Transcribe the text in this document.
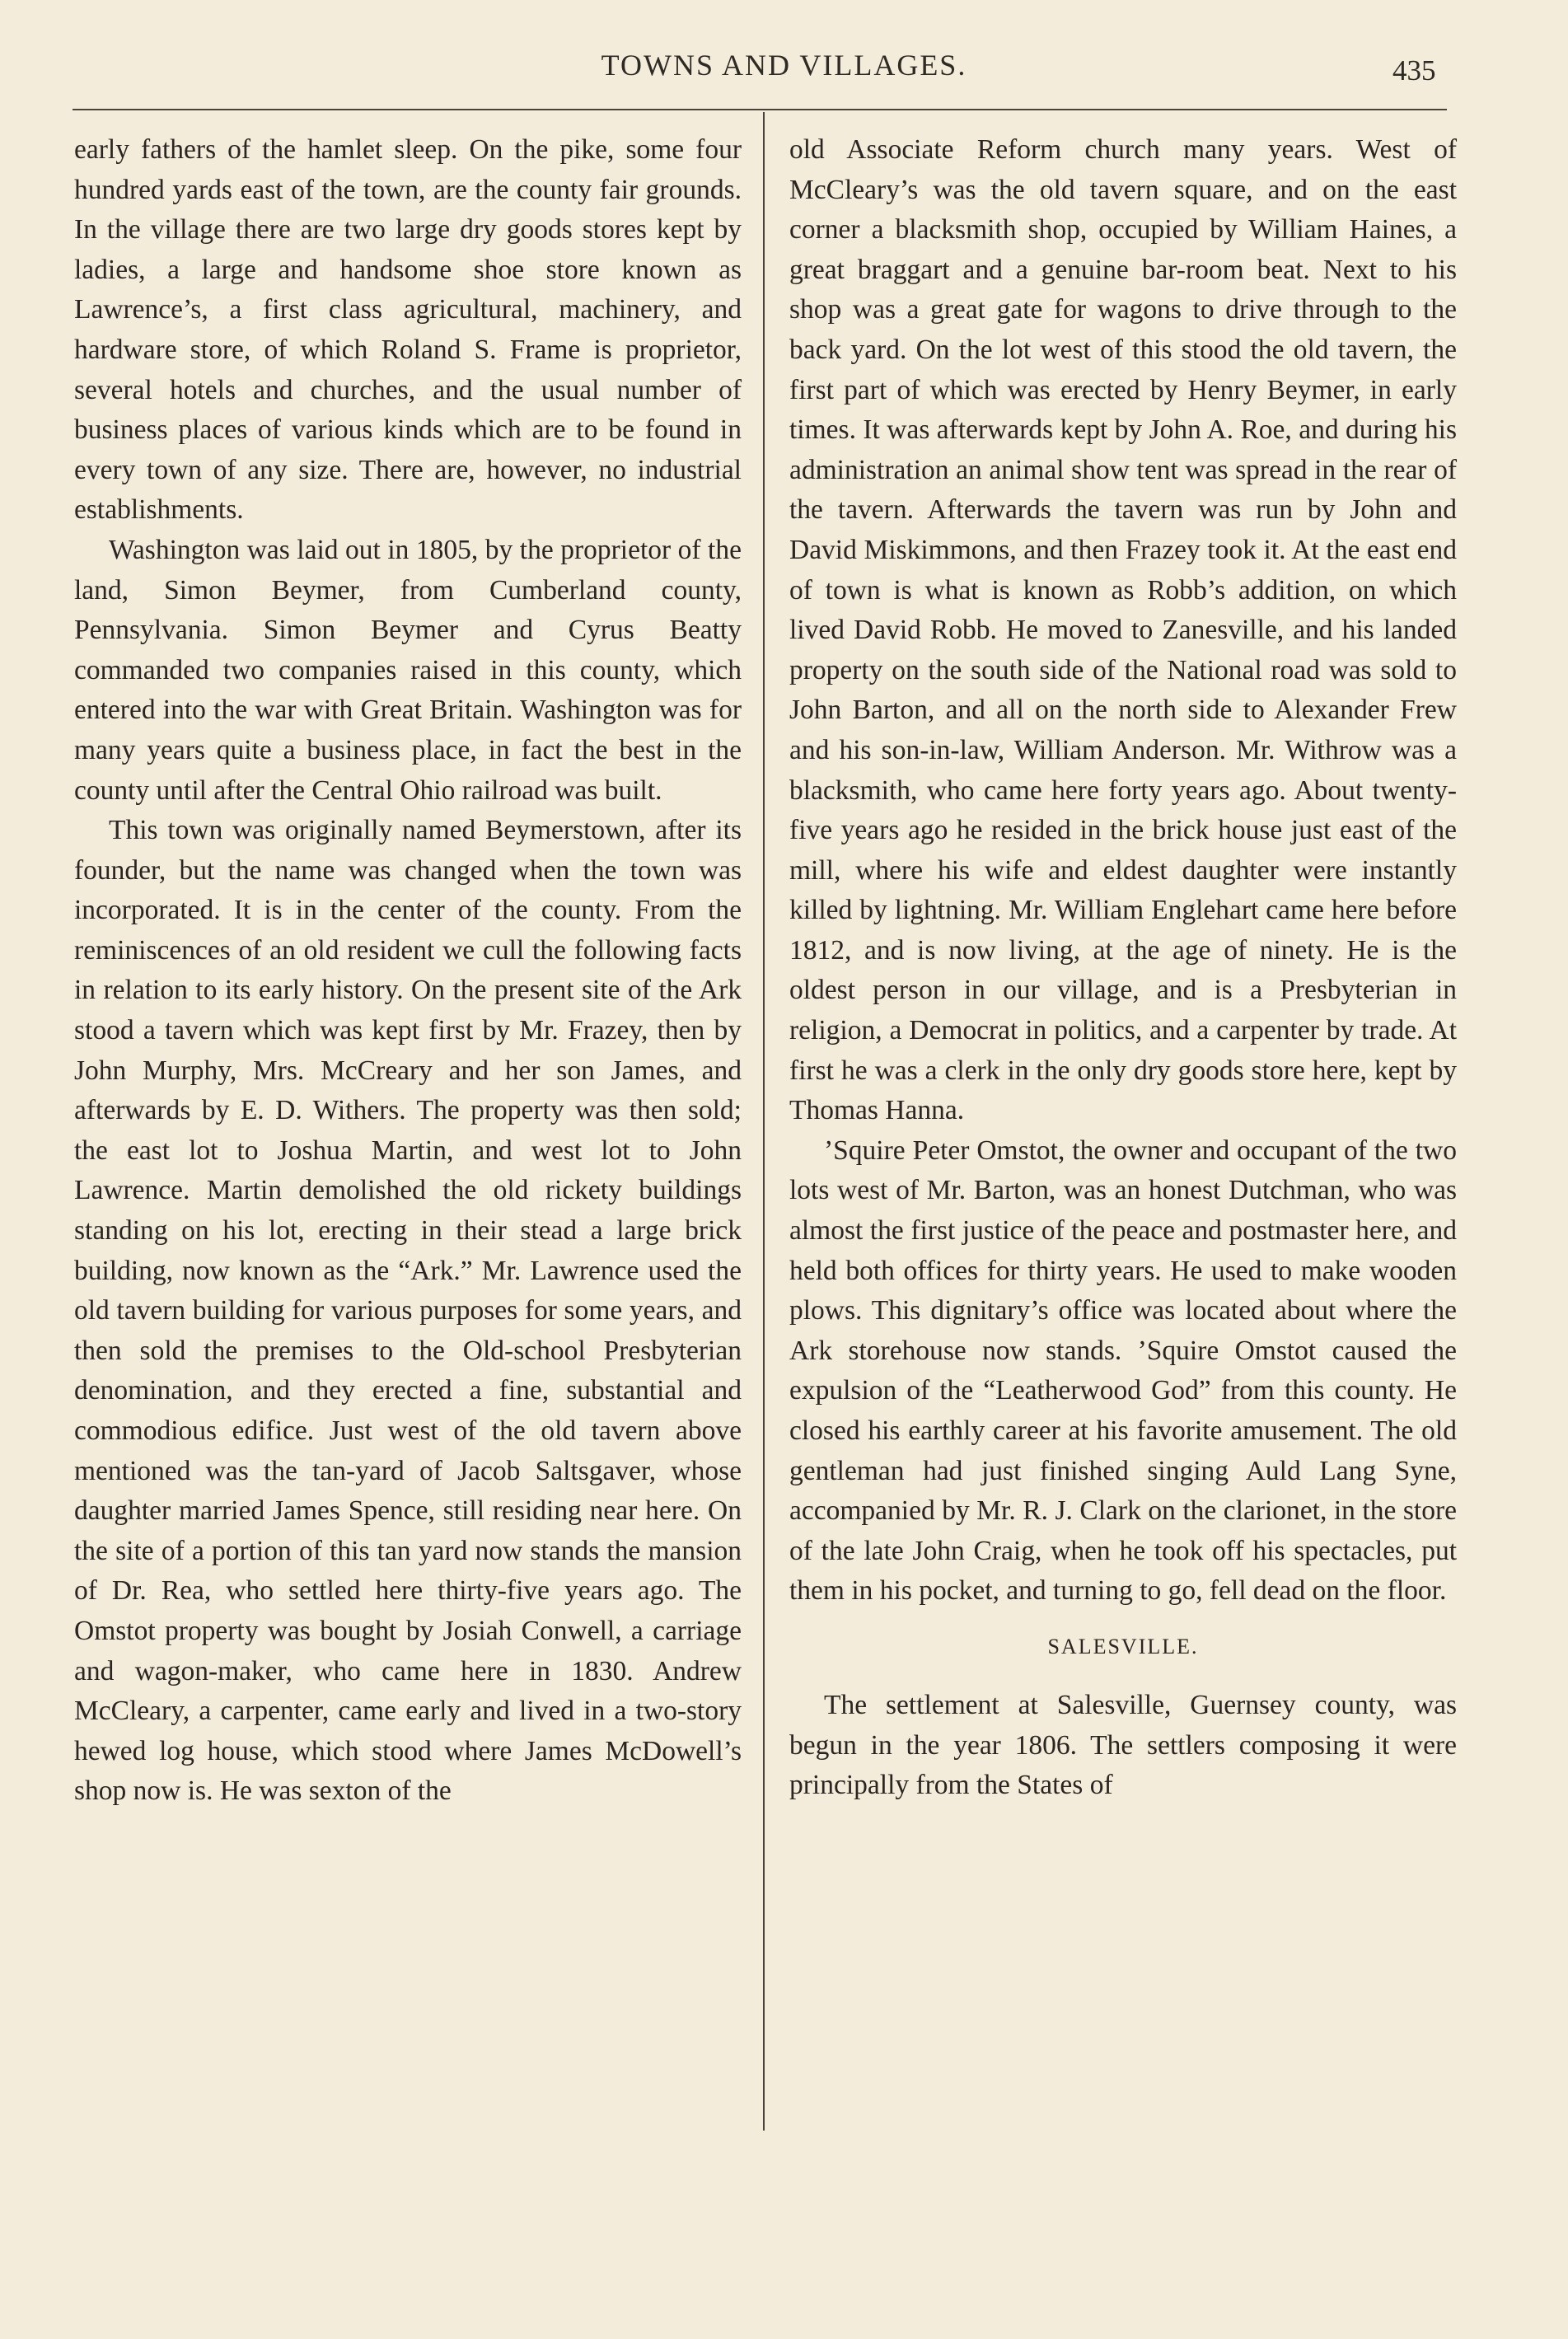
TOWNS AND VILLAGES.	435

early fathers of the hamlet sleep. On the pike, some four hundred yards east of the town, are the county fair grounds. In the village there are two large dry goods stores kept by ladies, a large and handsome shoe store known as Lawrence’s, a first class agricultural, machinery, and hardware store, of which Roland S. Frame is proprietor, several hotels and churches, and the usual number of business places of various kinds which are to be found in every town of any size. There are, however, no industrial establishments.

Washington was laid out in 1805, by the proprietor of the land, Simon Beymer, from Cumberland county, Pennsylvania. Simon Beymer and Cyrus Beatty commanded two companies raised in this county, which entered into the war with Great Britain. Washington was for many years quite a business place, in fact the best in the county until after the Central Ohio railroad was built.

This town was originally named Beymerstown, after its founder, but the name was changed when the town was incorporated. It is in the center of the county. From the reminiscences of an old resident we cull the following facts in relation to its early history. On the present site of the Ark stood a tavern which was kept first by Mr. Frazey, then by John Murphy, Mrs. McCreary and her son James, and afterwards by E. D. Withers. The property was then sold; the east lot to Joshua Martin, and west lot to John Lawrence. Martin demolished the old rickety buildings standing on his lot, erecting in their stead a large brick building, now known as the “Ark.” Mr. Lawrence used the old tavern building for various purposes for some years, and then sold the premises to the Old-school Presbyterian denomination, and they erected a fine, substantial and commodious edifice. Just west of the old tavern above mentioned was the tan-yard of Jacob Saltsgaver, whose daughter married James Spence, still residing near here. On the site of a portion of this tan yard now stands the mansion of Dr. Rea, who settled here thirty-five years ago. The Omstot property was bought by Josiah Conwell, a carriage and wagon-maker, who came here in 1830. Andrew McCleary, a carpenter, came early and lived in a two-story hewed log house, which stood where James McDowell’s shop now is. He was sexton of the

old Associate Reform church many years. West of McCleary’s was the old tavern square, and on the east corner a blacksmith shop, occupied by William Haines, a great braggart and a genuine bar-room beat. Next to his shop was a great gate for wagons to drive through to the back yard. On the lot west of this stood the old tavern, the first part of which was erected by Henry Beymer, in early times. It was afterwards kept by John A. Roe, and during his administration an animal show tent was spread in the rear of the tavern. Afterwards the tavern was run by John and David Miskimmons, and then Frazey took it. At the east end of town is what is known as Robb’s addition, on which lived David Robb. He moved to Zanesville, and his landed property on the south side of the National road was sold to John Barton, and all on the north side to Alexander Frew and his son-in-law, William Anderson. Mr. Withrow was a blacksmith, who came here forty years ago. About twenty-five years ago he resided in the brick house just east of the mill, where his wife and eldest daughter were instantly killed by lightning. Mr. William Englehart came here before 1812, and is now living, at the age of ninety. He is the oldest person in our village, and is a Presbyterian in religion, a Democrat in politics, and a carpenter by trade. At first he was a clerk in the only dry goods store here, kept by Thomas Hanna.

’Squire Peter Omstot, the owner and occupant of the two lots west of Mr. Barton, was an honest Dutchman, who was almost the first justice of the peace and postmaster here, and held both offices for thirty years. He used to make wooden plows. This dignitary’s office was located about where the Ark storehouse now stands. ’Squire Omstot caused the expulsion of the “Leatherwood God” from this county. He closed his earthly career at his favorite amusement. The old gentleman had just finished singing Auld Lang Syne, accompanied by Mr. R. J. Clark on the clarionet, in the store of the late John Craig, when he took off his spectacles, put them in his pocket, and turning to go, fell dead on the floor.

SALESVILLE.

The settlement at Salesville, Guernsey county, was begun in the year 1806. The settlers composing it were principally from the States of
